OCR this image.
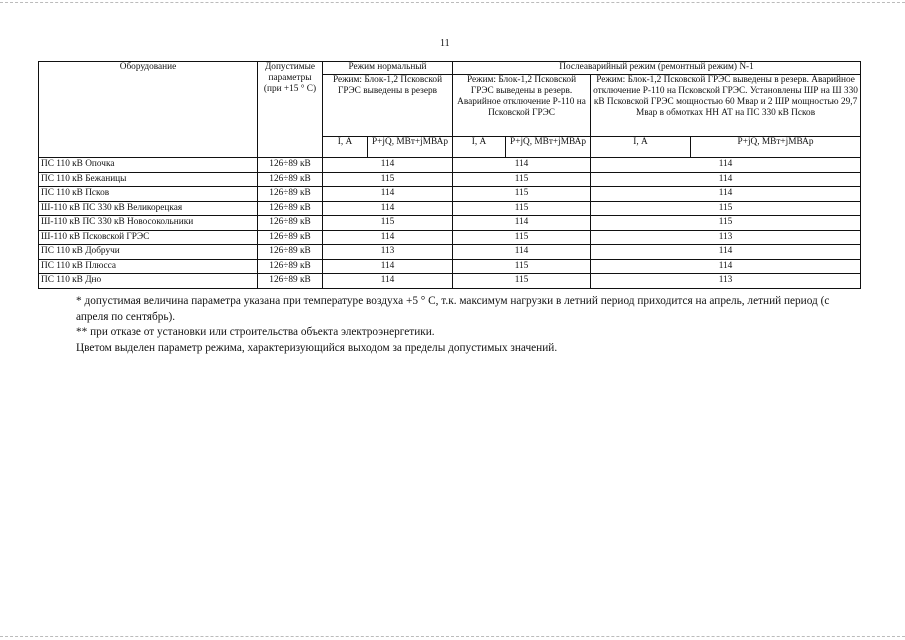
11
Оборудование	Допустимые параметры (при +15 ° С)	Режим нормальный		Послеаварийный режим (ремонтный режим) N-1			
		Режим: Блок-1,2 Псковской ГРЭС выведены в резерв		Режим: Блок-1,2 Псковской ГРЭС выведены в резерв. Аварийное отключение Р-110 на Псковской ГРЭС		Режим: Блок-1,2 Псковской ГРЭС выведены в резерв. Аварийное отключение Р-110 на Псковской ГРЭС. Установлены ШР на Ш 330 кВ Псковской ГРЭС мощностью 60 Мвар и 2 ШР мощностью 29,7 Мвар в обмотках НН АТ на ПС 330 кВ Псков	
		I, А	P+jQ, МВт+jМВАр	I, А	P+jQ, МВт+jМВАр	I, А	P+jQ, МВт+jМВАр
ПС 110 кВ Опочка	126÷89 кВ	114		114		114	
ПС 110 кВ Бежаницы	126÷89 кВ	115		115		114	
ПС 110 кВ Псков	126÷89 кВ	114		115		114	
Ш-110 кВ ПС 330 кВ Великорецкая	126÷89 кВ	114		115		115	
Ш-110 кВ ПС 330 кВ Новосокольники	126÷89 кВ	115		114		115	
Ш-110 кВ Псковской ГРЭС	126÷89 кВ	114		115		113	
ПС 110 кВ Добручи	126÷89 кВ	113		114		114	
ПС 110 кВ Плюсса	126÷89 кВ	114		115		114	
ПС 110 кВ Дно	126÷89 кВ	114		115		113	

* допустимая величина параметра указана при температуре воздуха +5 ° С, т.к. максимум нагрузки в летний период приходится на апрель, летний период (с апреля по сентябрь).

** при отказе от установки или строительства объекта электроэнергетики.

Цветом выделен параметр режима, характеризующийся выходом за пределы допустимых значений.
